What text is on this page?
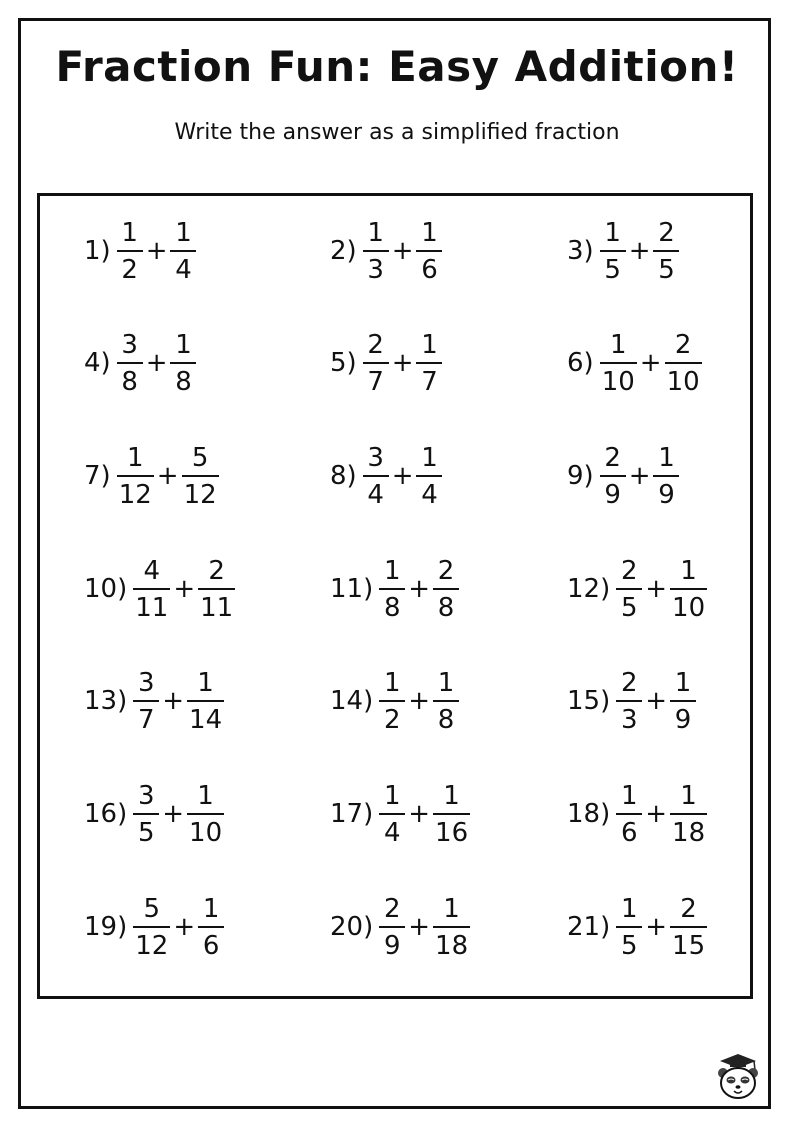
Fraction Fun: Easy Addition!
Write the answer as a simplified fraction
$1) \frac{1}{2} + \frac{1}{4}$	$2) \frac{1}{3} + \frac{1}{6}$	$3) \frac{1}{5} + \frac{2}{5}$
$4) \frac{3}{8} + \frac{1}{8}$	$5) \frac{2}{7} + \frac{1}{7}$	$6) \frac{1}{10} + \frac{2}{10}$
$7) \frac{1}{12} + \frac{5}{12}$	$8) \frac{3}{4} + \frac{1}{4}$	$9) \frac{2}{9} + \frac{1}{9}$
$10) \frac{4}{11} + \frac{2}{11}$	$11) \frac{1}{8} + \frac{2}{8}$	$12) \frac{2}{5} + \frac{1}{10}$
$13) \frac{3}{7} + \frac{1}{14}$	$14) \frac{1}{2} + \frac{1}{8}$	$15) \frac{2}{3} + \frac{1}{9}$
$16) \frac{3}{5} + \frac{1}{10}$	$17) \frac{1}{4} + \frac{1}{16}$	$18) \frac{1}{6} + \frac{1}{18}$
$19) \frac{5}{12} + \frac{1}{6}$	$20) \frac{2}{9} + \frac{1}{18}$	$21) \frac{1}{5} + \frac{2}{15}$
